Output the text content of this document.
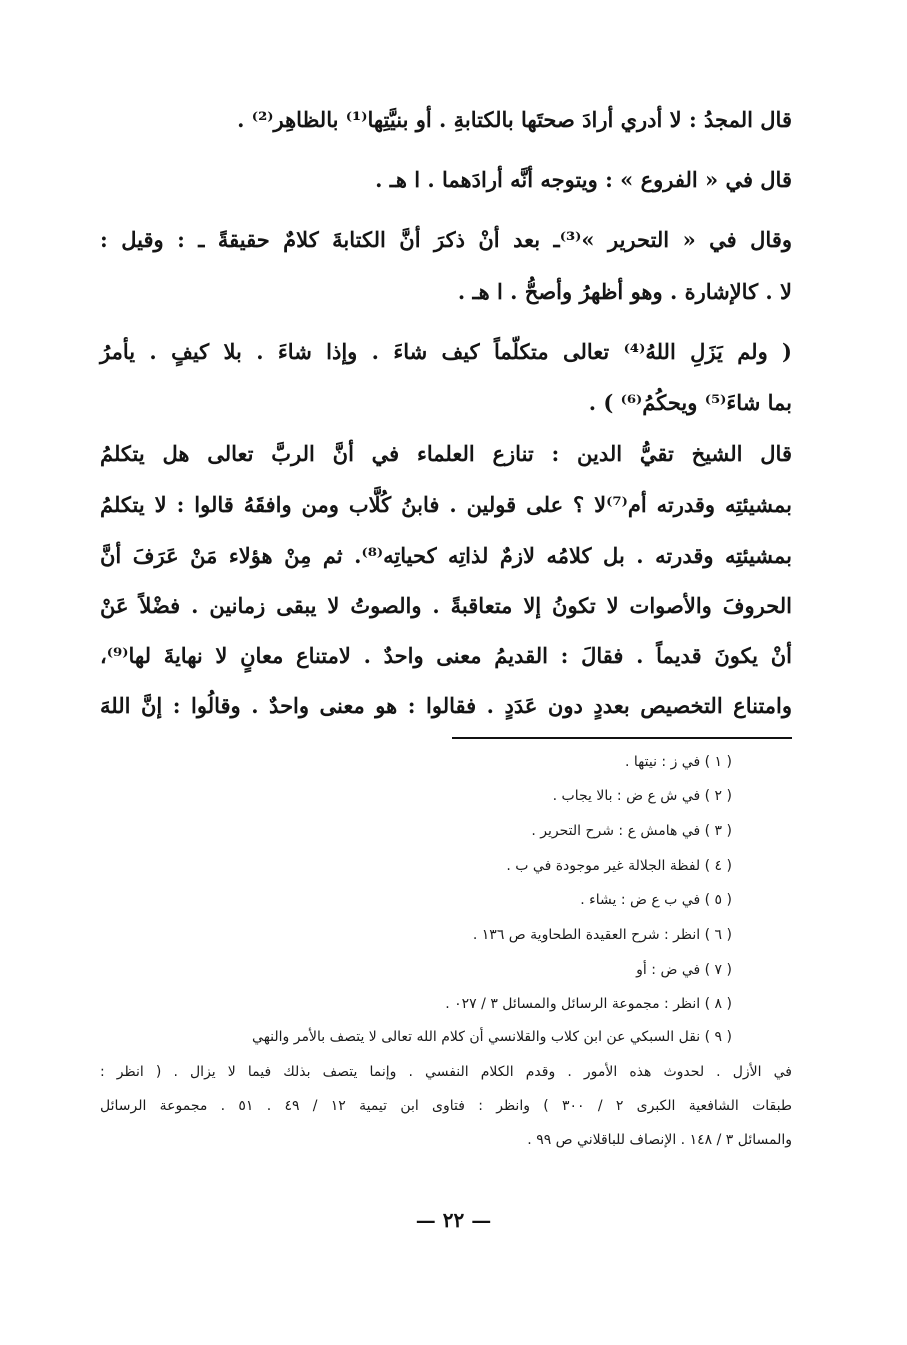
قال المجدُ : لا أدري أرادَ صحتَها بالكتابةِ . أو بنيَّتِها⁽¹⁾ بالظاهِر⁽²⁾ .
قال في « الفروع » : ويتوجه أنَّه أرادَهما . ا هـ .
وقال في « التحرير »⁽³⁾ـ بعد أنْ ذكرَ أنَّ الكتابةَ كلامٌ حقيقةً ـ : وقيل :
لا . كالإشارة . وهو أظهرُ وأصحُّ . ا هـ .
( ولم يَزَلِ اللهُ⁽⁴⁾ تعالى متكلّماً كيف شاءَ . وإذا شاءَ . بلا كيفٍ . يأمرُ
بما شاءَ⁽⁵⁾ ويحكُمُ⁽⁶⁾ ) .
قال الشيخ تقيُّ الدين : تنازع العلماء في أنَّ الربَّ تعالى هل يتكلمُ
بمشيئتِه وقدرته أم⁽⁷⁾لا ؟ على قولين . فابنُ كُلَّاب ومن وافقَهُ قالوا : لا يتكلمُ
بمشيئتِه وقدرته . بل كلامُه لازمٌ لذاتِه كحياتِه⁽⁸⁾. ثم مِنْ هؤلاء مَنْ عَرَفَ أنَّ
الحروفَ والأصوات لا تكونُ إلا متعاقبةً . والصوتُ لا يبقى زمانين . فضْلاً عَنْ
أنْ يكونَ قديماً . فقالَ : القديمُ معنى واحدٌ . لامتناع معانٍ لا نهايةَ لها⁽⁹⁾،
وامتناع التخصيص بعددٍ دون عَدَدٍ . فقالوا : هو معنى واحدٌ . وقالُوا : إنَّ اللهَ
( ١ ) في ز : نيتها .
( ٢ ) في ش ع ض : بالا يجاب .
( ٣ ) في هامش ع : شرح التحرير .
( ٤ ) لفظة الجلالة غير موجودة في ب .
( ٥ ) في ب ع ض : يشاء .
( ٦ ) انظر : شرح العقيدة الطحاوية ص ١٣٦ .
( ٧ ) في ض : أو
( ٨ ) انظر : مجموعة الرسائل والمسائل ٣ / ٠٢٧ .
( ٩ ) نقل السبكي عن ابن كلاب والقلانسي أن كلام الله تعالى لا يتصف بالأمر والنهي
في الأزل . لحدوث هذه الأمور . وقدم الكلام النفسي . وإنما يتصف بذلك فيما لا يزال . ( انظر :
طبقات الشافعية الكبرى ٢ / ٣٠٠ ) وانظر : فتاوى ابن تيمية ١٢ / ٤٩ . ٥١ . مجموعة الرسائل
والمسائل ٣ / ١٤٨ . الإنصاف للباقلاني ص ٩٩ .
— ٢٢ —
